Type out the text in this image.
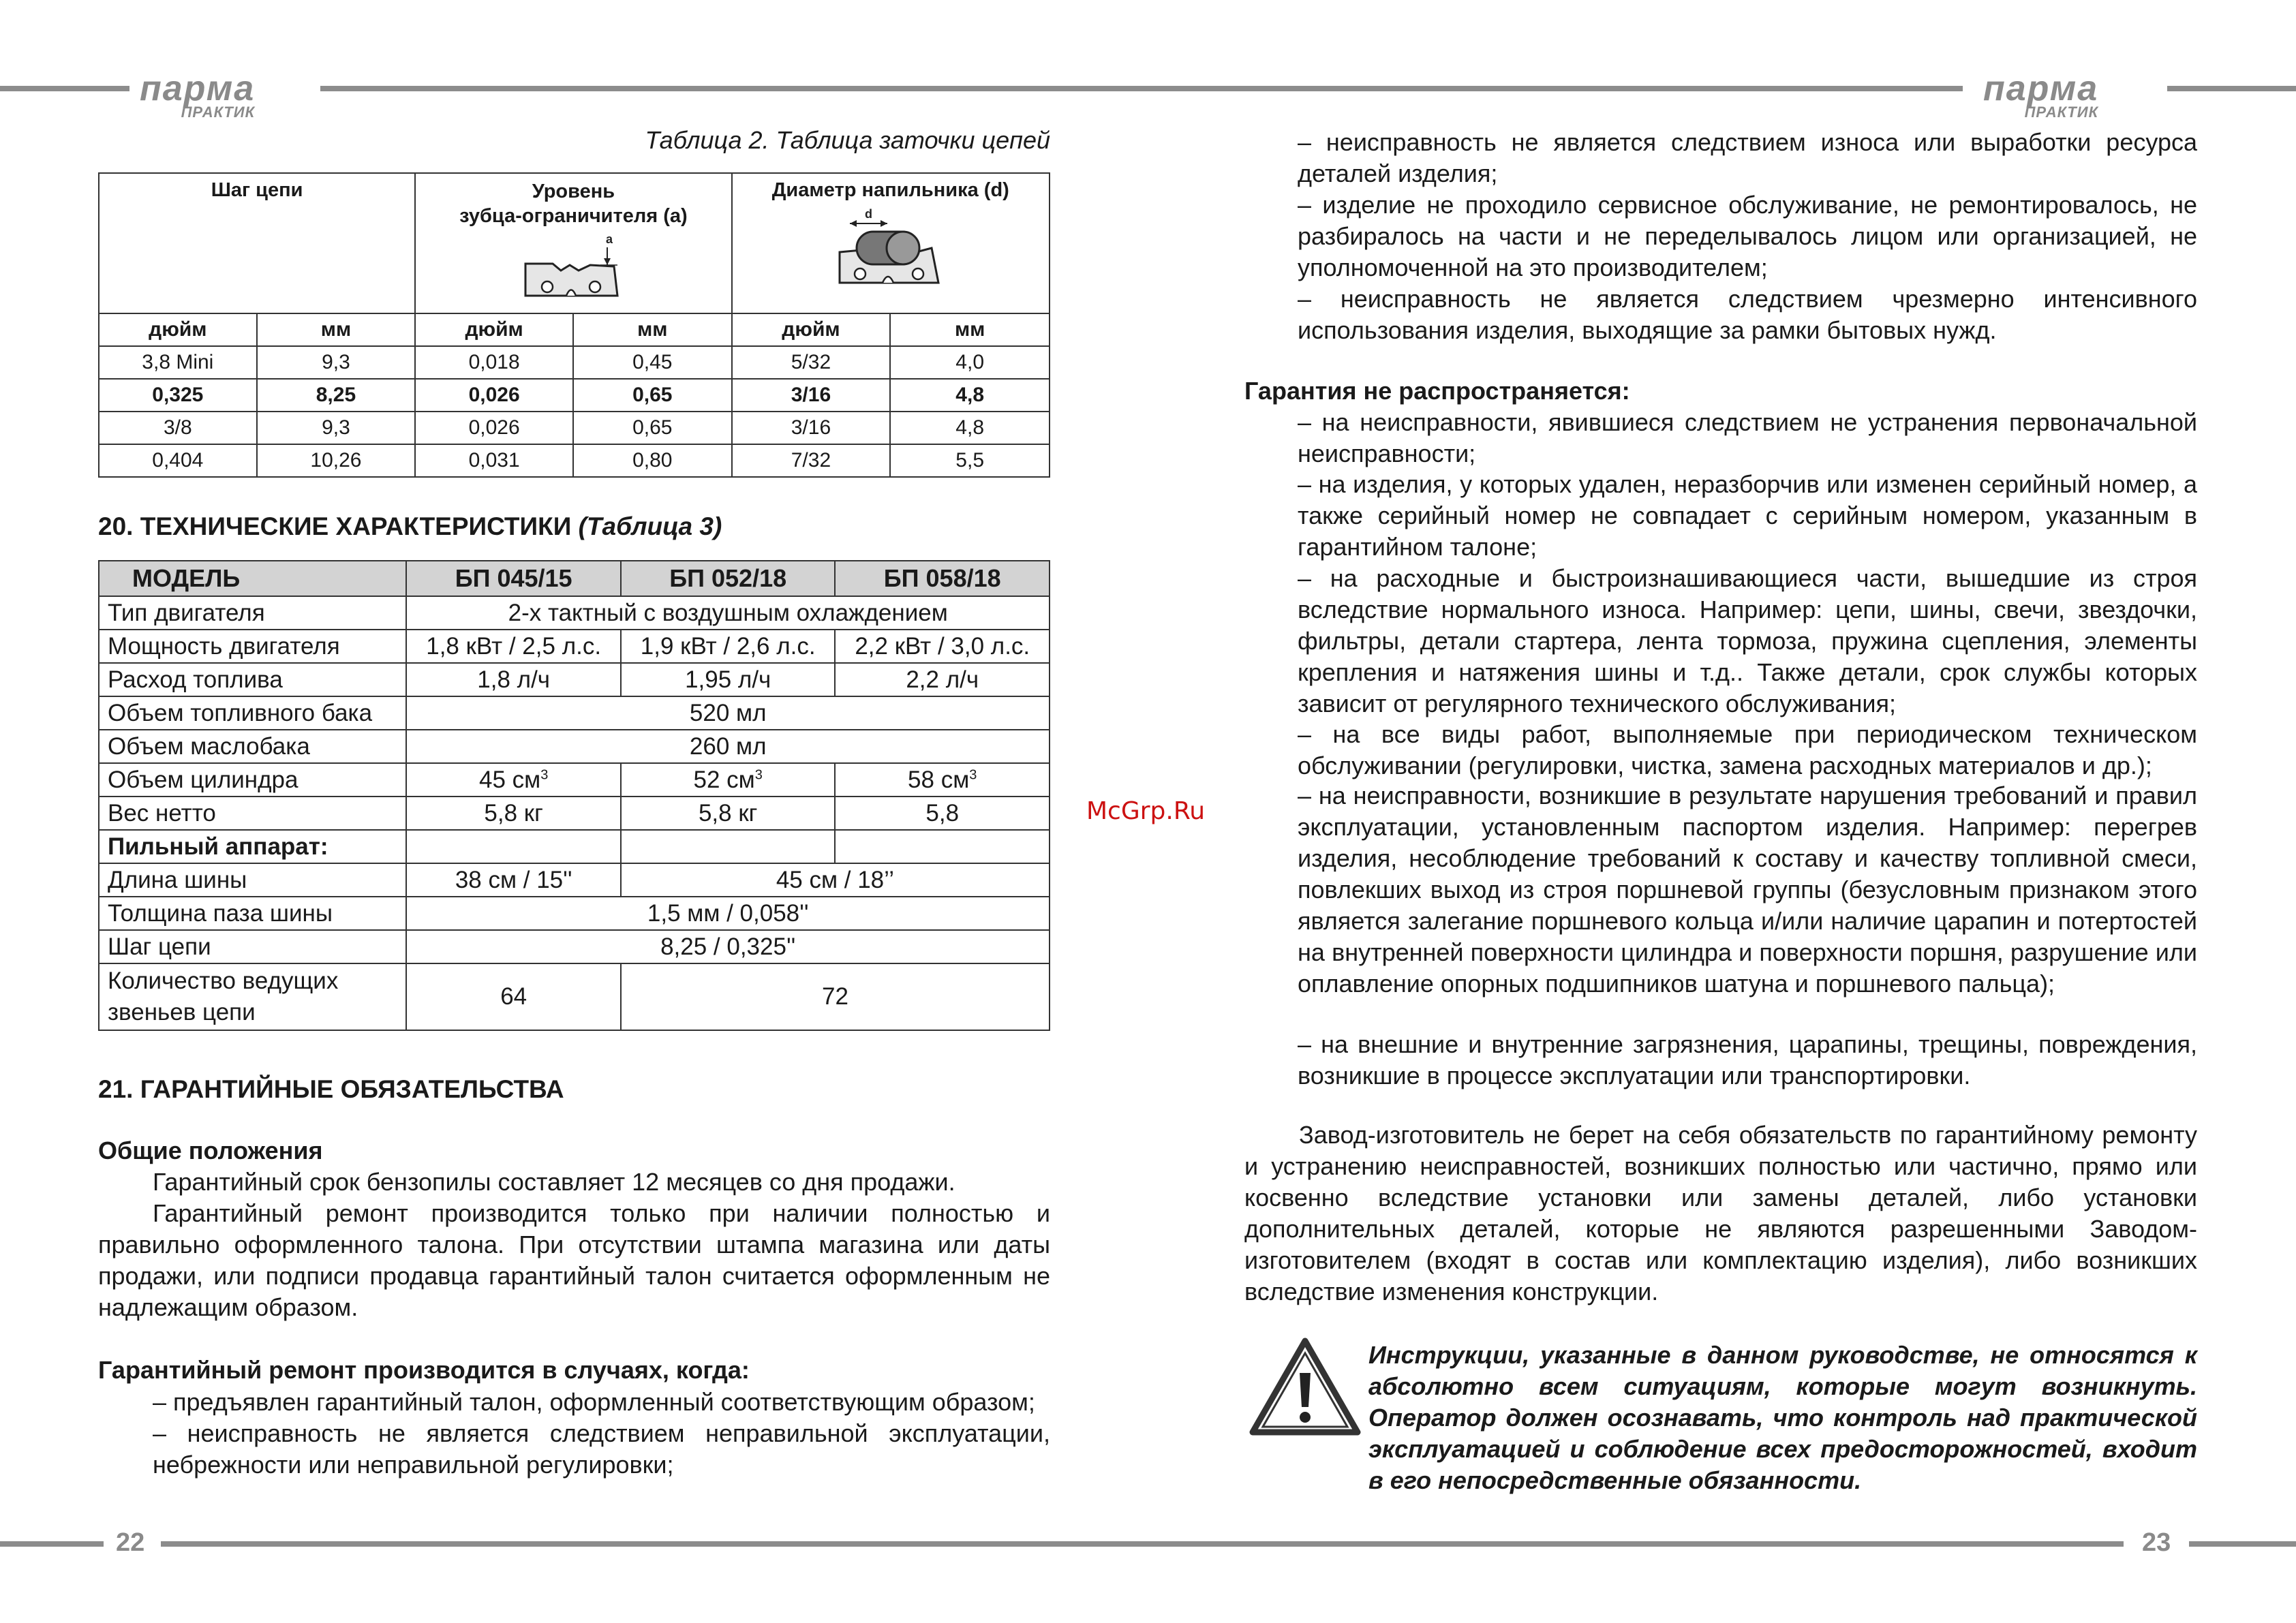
парма
ПРАКТИК
парма
ПРАКТИК
Таблица 2. Таблица заточки цепей
Шаг цепи		Уровень
зубца-ограничителя (a)
a		Диаметр напильника (d)
d	

дюйм	мм	дюйм	мм	дюйм	мм
3,8 Mini	9,3	0,018	0,45	5/32	4,0
0,325	8,25	0,026	0,65	3/16	4,8
3/8	9,3	0,026	0,65	3/16	4,8
0,404	10,26	0,031	0,80	7/32	5,5
20. ТЕХНИЧЕСКИЕ ХАРАКТЕРИСТИКИ (Таблица 3)
МОДЕЛЬ	БП 045/15	БП 052/18	БП 058/18
Тип двигателя	2-х тактный с воздушным охлаждением		
Мощность двигателя	1,8 кВт / 2,5 л.с.	1,9 кВт / 2,6 л.с.	2,2 кВт / 3,0 л.с.
Расход топлива	1,8 л/ч	1,95 л/ч	2,2 л/ч
Объем топливного бака	520 мл		
Объем маслобака	260 мл		
Объем цилиндра	45 $см^3$	52 $см^3$	58 $см^3$
Вес нетто	5,8 кг	5,8 кг	5,8
Пильный аппарат:			
Длина шины	38 см / 15''	45 см / 18’’	
Толщина паза шины	1,5 мм / 0,058''		
Шаг цепи	8,25 / 0,325''		
Количество ведущих звеньев цепи	64	72	
21. ГАРАНТИЙНЫЕ ОБЯЗАТЕЛЬСТВА
Общие положения
Гарантийный срок бензопилы составляет 12 месяцев со дня продажи.
Гарантийный ремонт производится только при наличии полностью и правильно оформленного талона. При отсутствии штампа магазина или даты продажи, или подписи продавца гарантийный талон считается оформленным не надлежащим образом.
Гарантийный ремонт производится в случаях, когда:
– предъявлен гарантийный талон, оформленный соответствующим образом;
– неисправность не является следствием неправильной эксплуатации, небрежности или неправильной регулировки;
– неисправность не является следствием износа или выработки ресурса деталей изделия;
– изделие не проходило сервисное обслуживание, не ремонтировалось, не разбиралось на части и не переделывалось лицом или организацией, не уполномоченной на это производителем;
– неисправность не является следствием чрезмерно интенсивного использования изделия, выходящие за рамки бытовых нужд.
Гарантия не распространяется:
– на неисправности, явившиеся следствием не устранения первоначальной неисправности;
– на изделия, у которых удален, неразборчив или изменен серийный номер, а также серийный номер не совпадает с серийным номером, указанным в гарантийном талоне;
– на расходные и быстроизнашивающиеся части, вышедшие из строя вследствие нормального износа. Например: цепи, шины, свечи, звездочки, фильтры, детали стартера, лента тормоза, пружина сцепления, элементы крепления и натяжения шины и т.д.. Также детали, срок службы которых зависит от регулярного технического обслуживания;
– на все виды работ, выполняемые при периодическом техническом обслуживании (регулировки, чистка, замена расходных материалов и др.);
– на неисправности, возникшие в результате нарушения требований и правил эксплуатации, установленным паспортом изделия. Например: перегрев изделия, несоблюдение требований к составу и качеству топливной смеси, повлекших выход из строя поршневой группы (безусловным признаком этого является залегание поршневого кольца и/или наличие царапин и потертостей на внутренней поверхности цилиндра и поверхности поршня, разрушение или оплавление опорных подшипников шатуна и поршневого пальца);
– на внешние и внутренние загрязнения, царапины, трещины, повреждения, возникшие в процессе эксплуатации или транспортировки.
Завод-изготовитель не берет на себя обязательств по гарантийному ремонту и устранению неисправностей, возникших полностью или частично, прямо или косвенно вследствие установки или замены деталей, либо установки дополнительных деталей, которые не являются разрешенными Заводом-изготовителем (входят в состав или комплектацию изделия), либо возникших вследствие изменения конструкции.
Инструкции, указанные в данном руководстве, не относятся к абсолютно всем ситуациям, которые могут возникнуть. Оператор должен осознавать, что контроль над практической эксплуатацией и соблюдение всех предосторожностей, входит в его непосредственные обязанности.
McGrp.Ru
22	23
